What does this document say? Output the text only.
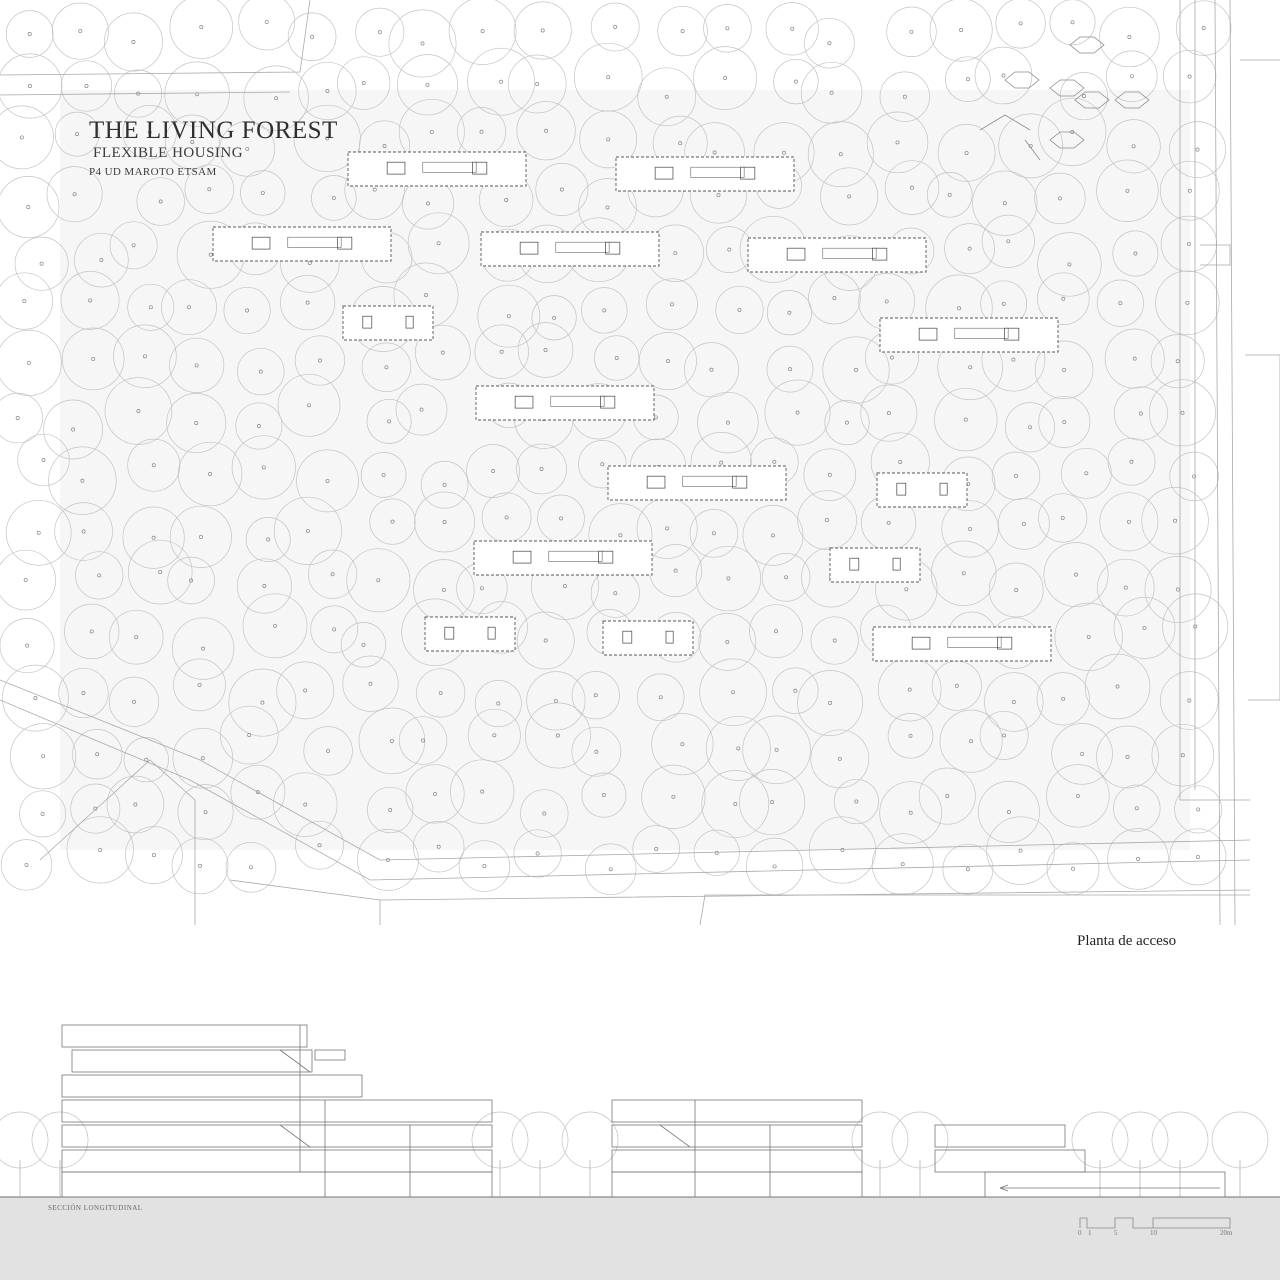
THE LIVING FOREST
FLEXIBLE HOUSING
P4 UD MAROTO ETSAM
Planta de acceso
SECCIÓN LONGITUDINAL
0 1	5	10	20m
